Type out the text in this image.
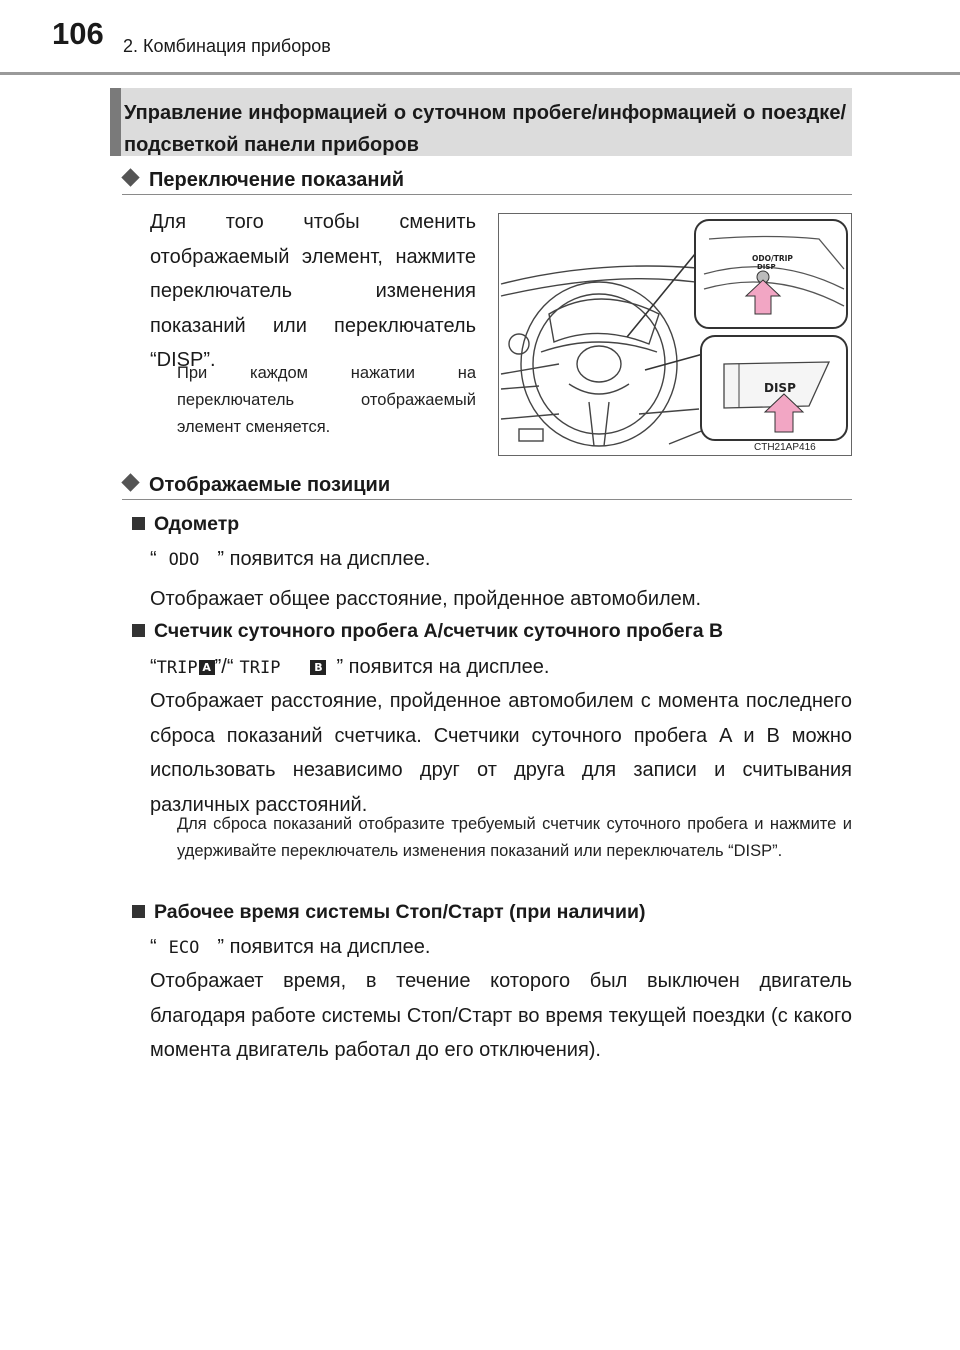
106 2. Комбинация приборов
Управление информацией о суточном пробеге/информацией о поездке/подсветкой панели приборов
Переключение показаний
Для того чтобы сменить отображаемый элемент, нажмите переключатель изменения показаний или переключатель “DISP”.
При каждом нажатии на переключатель отображаемый элемент сменяется.
ODO/TRIP
DISP
DISP
CTH21AP416
Отображаемые позиции
Одометр
“ ODO ” появится на дисплее.
Отображает общее расстояние, пройденное автомобилем.
Счетчик суточного пробега A/счетчик суточного пробега B
“TRIP A ”/“ TRIP	B ” появится на дисплее.
Отображает расстояние, пройденное автомобилем с момента последнего сброса показаний счетчика. Счетчики суточного пробега A и B можно использовать независимо друг от друга для записи и считывания различных расстояний.
Для сброса показаний отобразите требуемый счетчик суточного пробега и нажмите и удерживайте переключатель изменения показаний или переключатель “DISP”.
Рабочее время системы Стоп/Старт (при наличии)
“ ECO ” появится на дисплее.
Отображает время, в течение которого был выключен двигатель благодаря работе системы Стоп/Старт во время текущей поездки (с какого момента двигатель работал до его отключения).
